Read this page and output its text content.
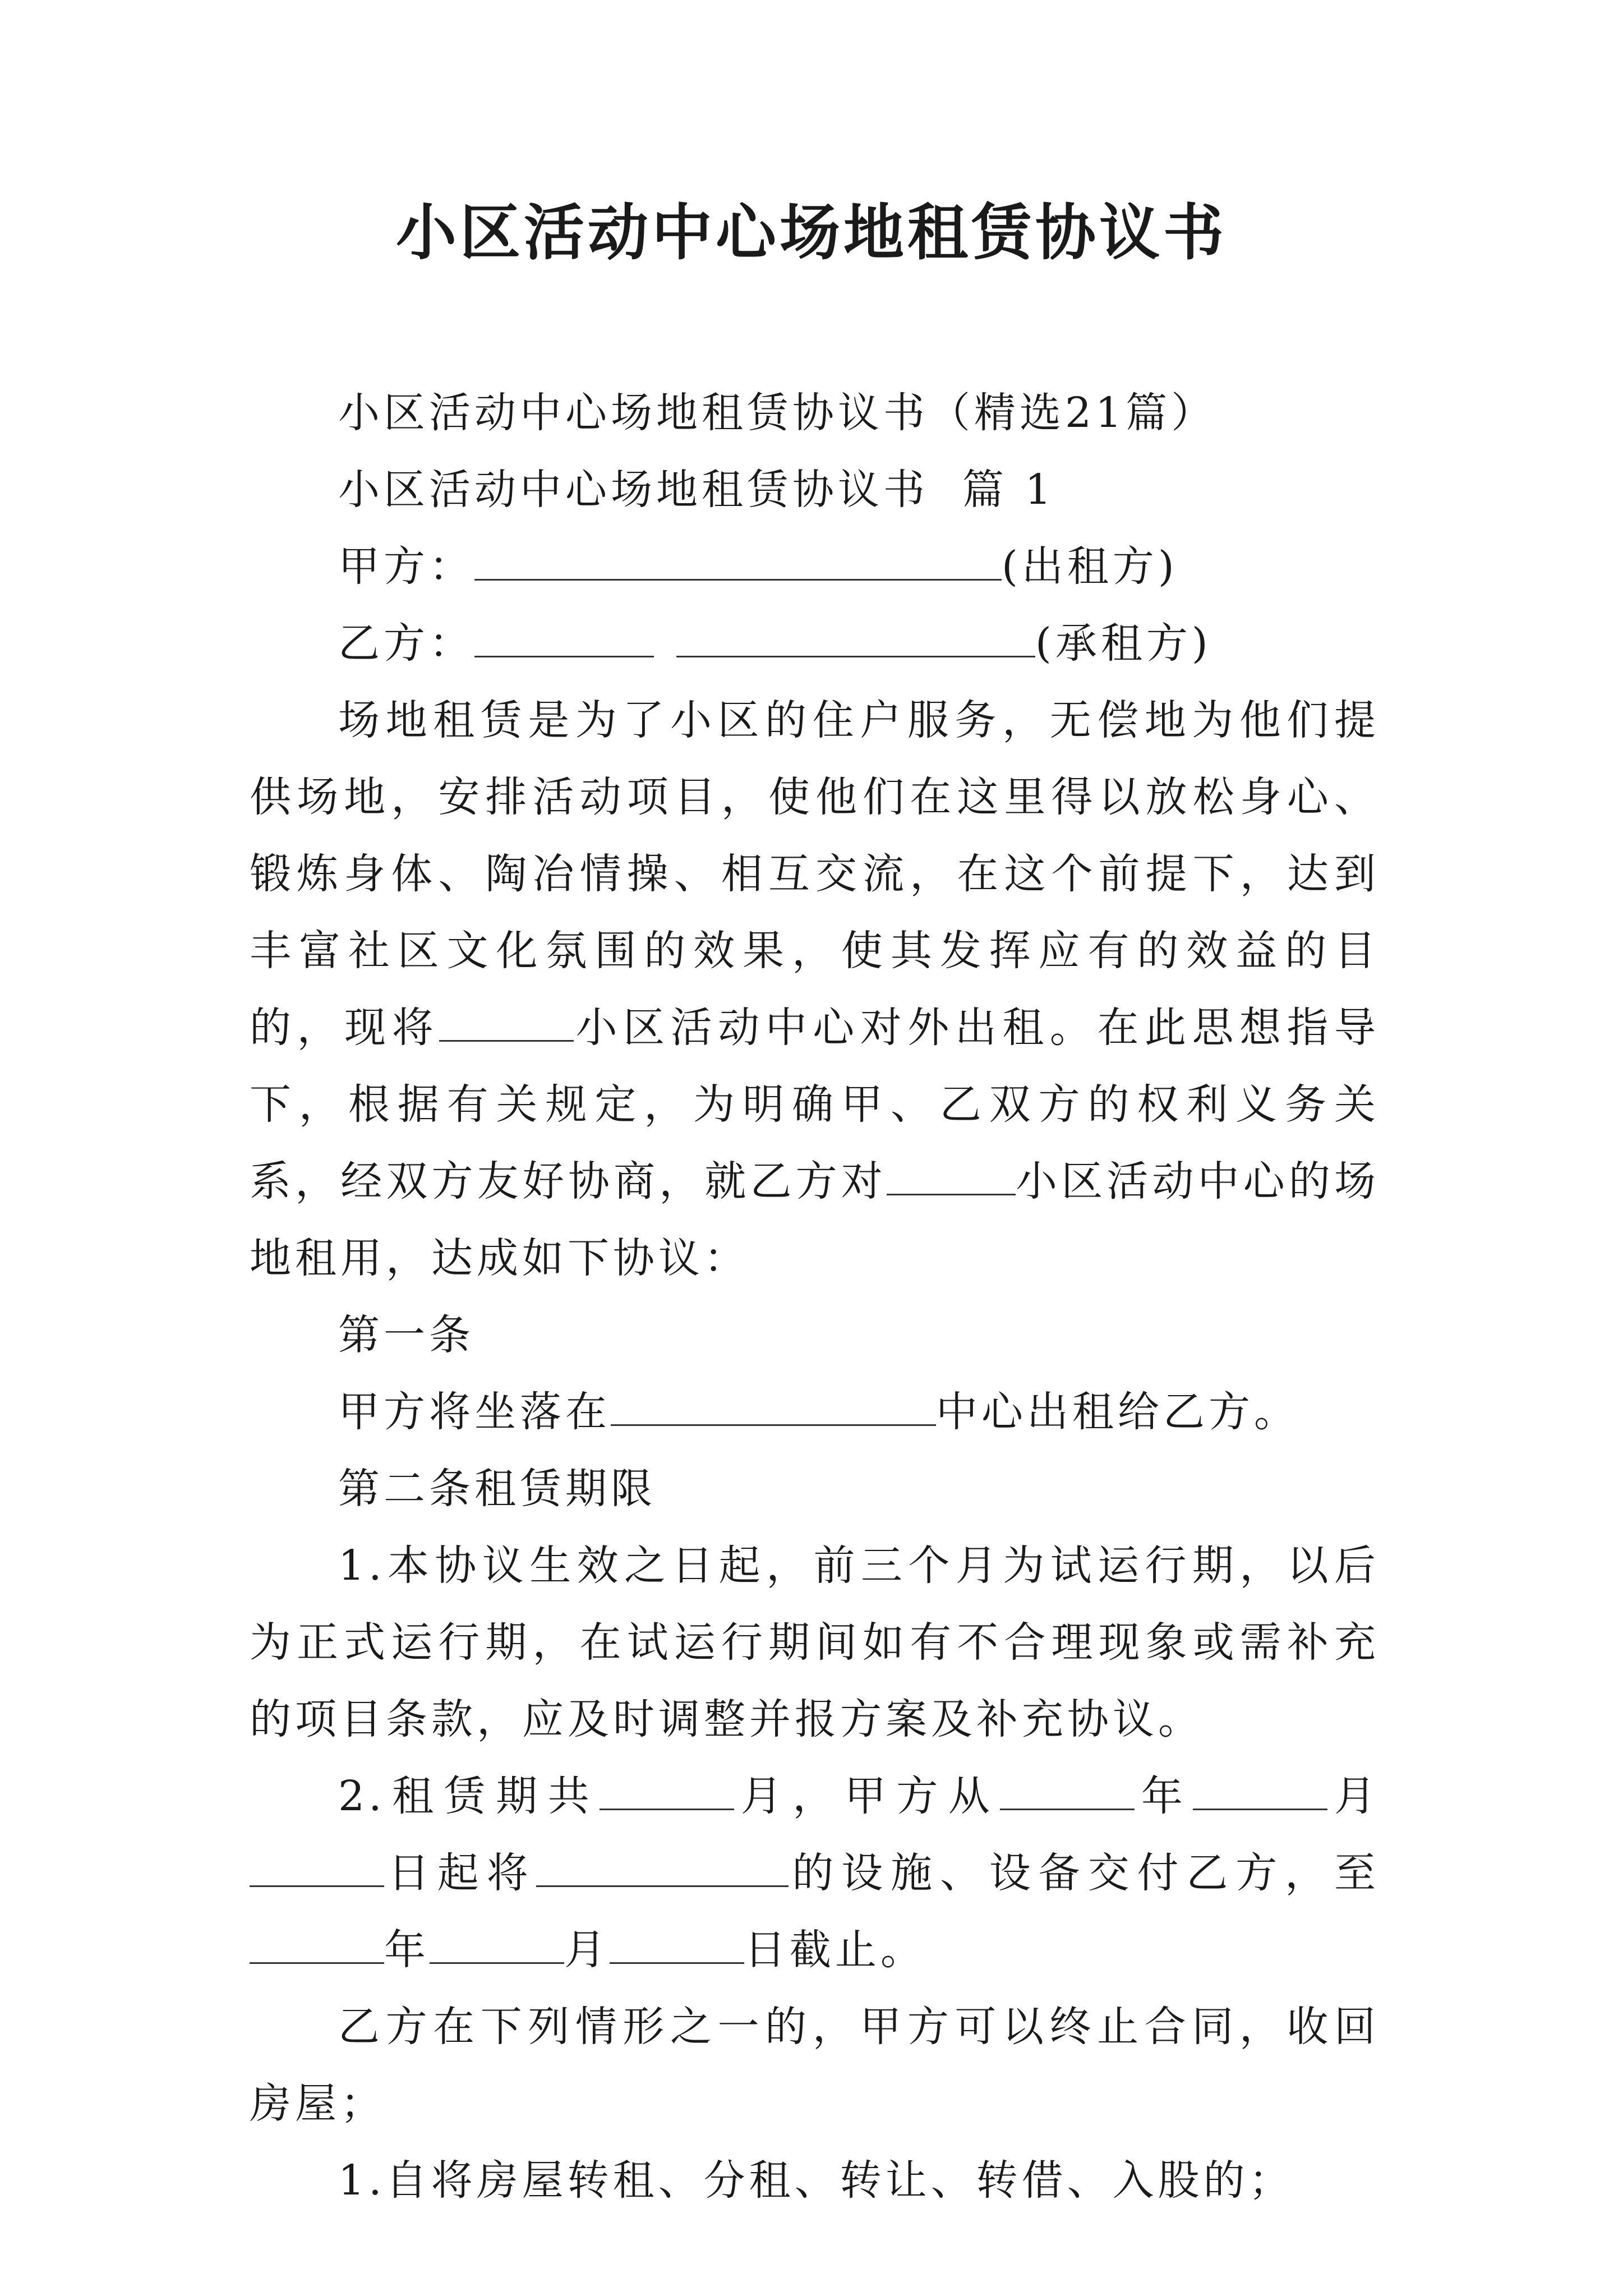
小区活动中心场地租赁协议书

小区活动中心场地租赁协议书（精选21篇）

小区活动中心场地租赁协议书 篇 1

甲方：	(出租方)

乙方：	(承租方)

场地租赁是为了小区的住户服务，无偿地为他们提供场地，安排活动项目，使他们在这里得以放松身心、锻炼身体、陶冶情操、相互交流，在这个前提下，达到丰富社区文化氛围的效果，使其发挥应有的效益的目的，现将	小区活动中心对外出租。在此思想指导下，根据有关规定，为明确甲、乙双方的权利义务关系，经双方友好协商，就乙方对	小区活动中心的场地租用，达成如下协议：

第一条

甲方将坐落在	中心出租给乙方。

第二条租赁期限

1.本协议生效之日起，前三个月为试运行期，以后为正式运行期，在试运行期间如有不合理现象或需补充的项目条款，应及时调整并报方案及补充协议。

2.租赁期共	月，甲方从	年	月日起将	的设施、设备交付乙方，至年	月	日截止。

乙方在下列情形之一的，甲方可以终止合同，收回房屋；

1.自将房屋转租、分租、转让、转借、入股的；
